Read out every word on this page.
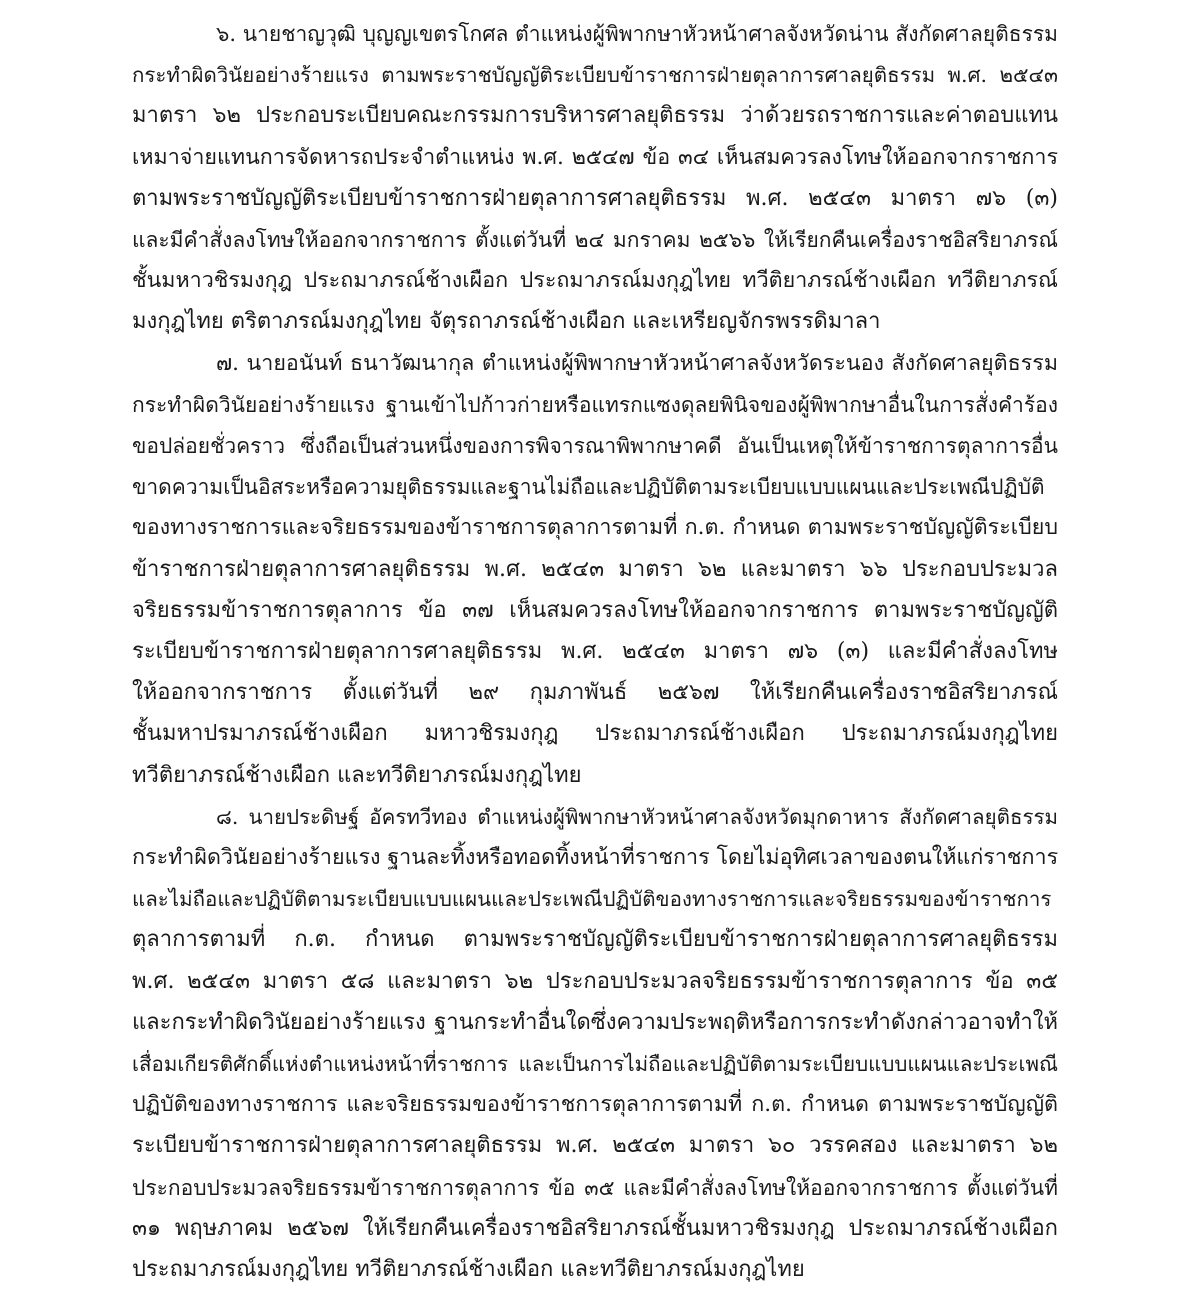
๖. นายชาญวุฒิ บุญญเขตรโกศล ตำแหน่งผู้พิพากษาหัวหน้าศาลจังหวัดน่าน สังกัดศาลยุติธรรม
กระทำผิดวินัยอย่างร้ายแรง ตามพระราชบัญญัติระเบียบข้าราชการฝ่ายตุลาการศาลยุติธรรม พ.ศ. ๒๕๔๓
มาตรา ๖๒ ประกอบระเบียบคณะกรรมการบริหารศาลยุติธรรม ว่าด้วยรถราชการและค่าตอบแทน
เหมาจ่ายแทนการจัดหารถประจำตำแหน่ง พ.ศ. ๒๕๔๗ ข้อ ๓๔ เห็นสมควรลงโทษให้ออกจากราชการ
ตามพระราชบัญญัติระเบียบข้าราชการฝ่ายตุลาการศาลยุติธรรม พ.ศ. ๒๕๔๓ มาตรา ๗๖ (๓)
และมีคำสั่งลงโทษให้ออกจากราชการ ตั้งแต่วันที่ ๒๔ มกราคม ๒๕๖๖ ให้เรียกคืนเครื่องราชอิสริยาภรณ์
ชั้นมหาวชิรมงกุฎ ประถมาภรณ์ช้างเผือก ประถมาภรณ์มงกุฎไทย ทวีติยาภรณ์ช้างเผือก ทวีติยาภรณ์
มงกุฎไทย ตริตาภรณ์มงกุฎไทย จัตุรถาภรณ์ช้างเผือก และเหรียญจักรพรรดิมาลา
๗. นายอนันท์ ธนาวัฒนากุล ตำแหน่งผู้พิพากษาหัวหน้าศาลจังหวัดระนอง สังกัดศาลยุติธรรม
กระทำผิดวินัยอย่างร้ายแรง ฐานเข้าไปก้าวก่ายหรือแทรกแซงดุลยพินิจของผู้พิพากษาอื่นในการสั่งคำร้อง
ขอปล่อยชั่วคราว ซึ่งถือเป็นส่วนหนึ่งของการพิจารณาพิพากษาคดี อันเป็นเหตุให้ข้าราชการตุลาการอื่น
ขาดความเป็นอิสระหรือความยุติธรรมและฐานไม่ถือและปฏิบัติตามระเบียบแบบแผนและประเพณีปฏิบัติ
ของทางราชการและจริยธรรมของข้าราชการตุลาการตามที่ ก.ต. กำหนด ตามพระราชบัญญัติระเบียบ
ข้าราชการฝ่ายตุลาการศาลยุติธรรม พ.ศ. ๒๕๔๓ มาตรา ๖๒ และมาตรา ๖๖ ประกอบประมวล
จริยธรรมข้าราชการตุลาการ ข้อ ๓๗ เห็นสมควรลงโทษให้ออกจากราชการ ตามพระราชบัญญัติ
ระเบียบข้าราชการฝ่ายตุลาการศาลยุติธรรม พ.ศ. ๒๕๔๓ มาตรา ๗๖ (๓) และมีคำสั่งลงโทษ
ให้ออกจากราชการ ตั้งแต่วันที่ ๒๙ กุมภาพันธ์ ๒๕๖๗ ให้เรียกคืนเครื่องราชอิสริยาภรณ์
ชั้นมหาปรมาภรณ์ช้างเผือก มหาวชิรมงกุฎ ประถมาภรณ์ช้างเผือก ประถมาภรณ์มงกุฎไทย
ทวีติยาภรณ์ช้างเผือก และทวีติยาภรณ์มงกุฎไทย
๘. นายประดิษฐ์ อัครทวีทอง ตำแหน่งผู้พิพากษาหัวหน้าศาลจังหวัดมุกดาหาร สังกัดศาลยุติธรรม
กระทำผิดวินัยอย่างร้ายแรง ฐานละทิ้งหรือทอดทิ้งหน้าที่ราชการ โดยไม่อุทิศเวลาของตนให้แก่ราชการ
และไม่ถือและปฏิบัติตามระเบียบแบบแผนและประเพณีปฏิบัติของทางราชการและจริยธรรมของข้าราชการ
ตุลาการตามที่ ก.ต. กำหนด ตามพระราชบัญญัติระเบียบข้าราชการฝ่ายตุลาการศาลยุติธรรม
พ.ศ. ๒๕๔๓ มาตรา ๕๘ และมาตรา ๖๒ ประกอบประมวลจริยธรรมข้าราชการตุลาการ ข้อ ๓๕
และกระทำผิดวินัยอย่างร้ายแรง ฐานกระทำอื่นใดซึ่งความประพฤติหรือการกระทำดังกล่าวอาจทำให้
เสื่อมเกียรติศักดิ์แห่งตำแหน่งหน้าที่ราชการ และเป็นการไม่ถือและปฏิบัติตามระเบียบแบบแผนและประเพณี
ปฏิบัติของทางราชการ และจริยธรรมของข้าราชการตุลาการตามที่ ก.ต. กำหนด ตามพระราชบัญญัติ
ระเบียบข้าราชการฝ่ายตุลาการศาลยุติธรรม พ.ศ. ๒๕๔๓ มาตรา ๖๐ วรรคสอง และมาตรา ๖๒
ประกอบประมวลจริยธรรมข้าราชการตุลาการ ข้อ ๓๕ และมีคำสั่งลงโทษให้ออกจากราชการ ตั้งแต่วันที่
๓๑ พฤษภาคม ๒๕๖๗ ให้เรียกคืนเครื่องราชอิสริยาภรณ์ชั้นมหาวชิรมงกุฎ ประถมาภรณ์ช้างเผือก
ประถมาภรณ์มงกุฎไทย ทวีติยาภรณ์ช้างเผือก และทวีติยาภรณ์มงกุฎไทย
